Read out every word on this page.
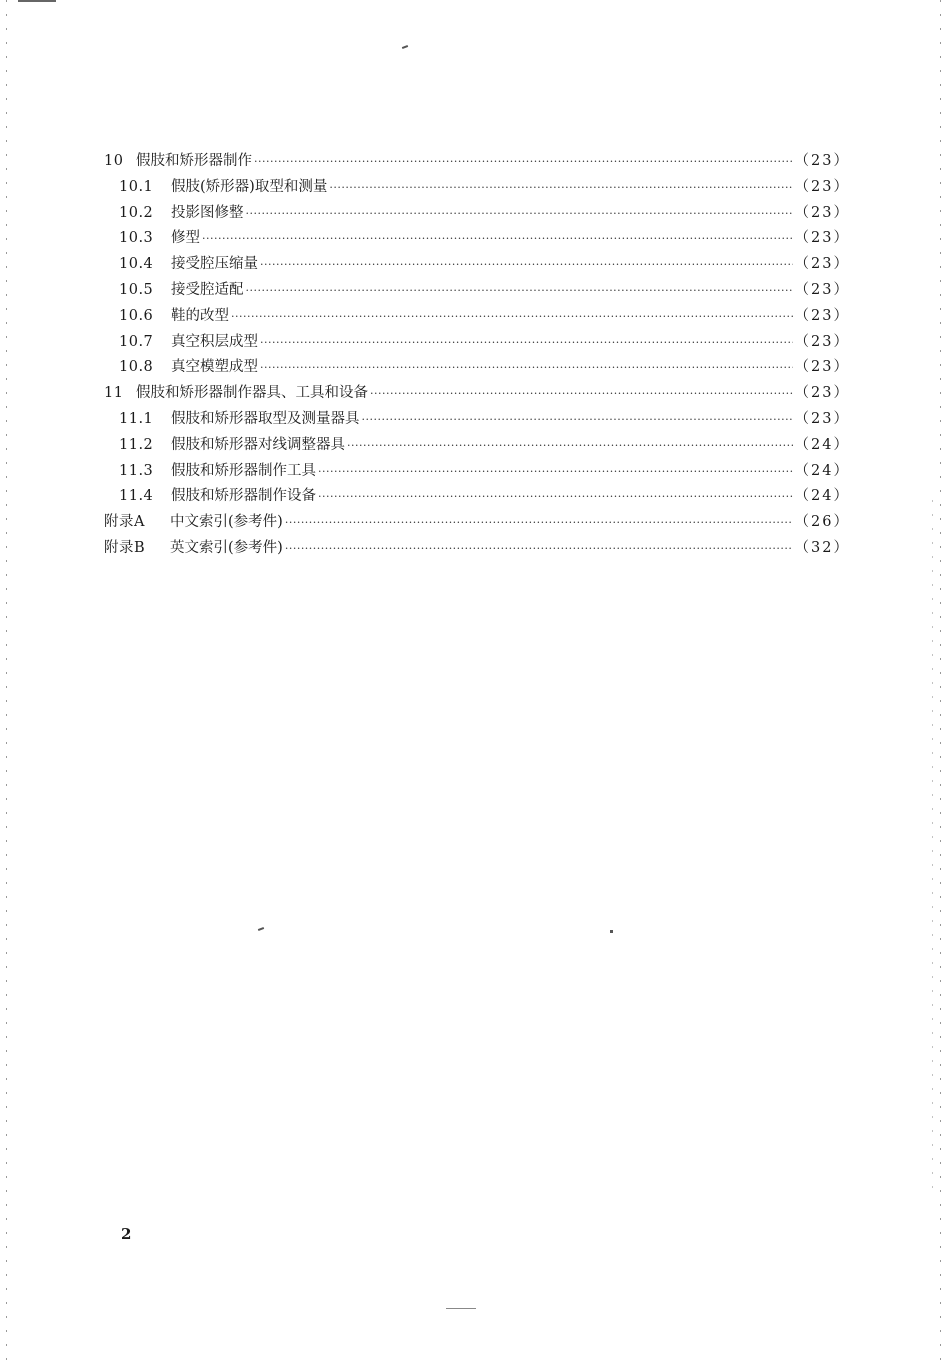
10 假肢和矫形器制作 ·····	（23）
10.1	假肢(矫形器)取型和测量 ·····	（23）
10.2	投影图修整 ·····	（23）
10.3	修型 ·····	（23）
10.4	接受腔压缩量 ·····	（23）
10.5	接受腔适配 ·····	（23）
10.6	鞋的改型 ·····	（23）
10.7	真空积层成型 ·····	（23）
10.8	真空模塑成型 ·····	（23）
11 假肢和矫形器制作器具、工具和设备 ·····	（23）
11.1	假肢和矫形器取型及测量器具 ·····	（23）
11.2	假肢和矫形器对线调整器具 ·····	（24）
11.3	假肢和矫形器制作工具 ·····	（24）
11.4	假肢和矫形器制作设备 ·····	（24）
附录A	中文索引(参考件) ·····	（26）
附录B	英文索引(参考件) ·····	（32）
2
